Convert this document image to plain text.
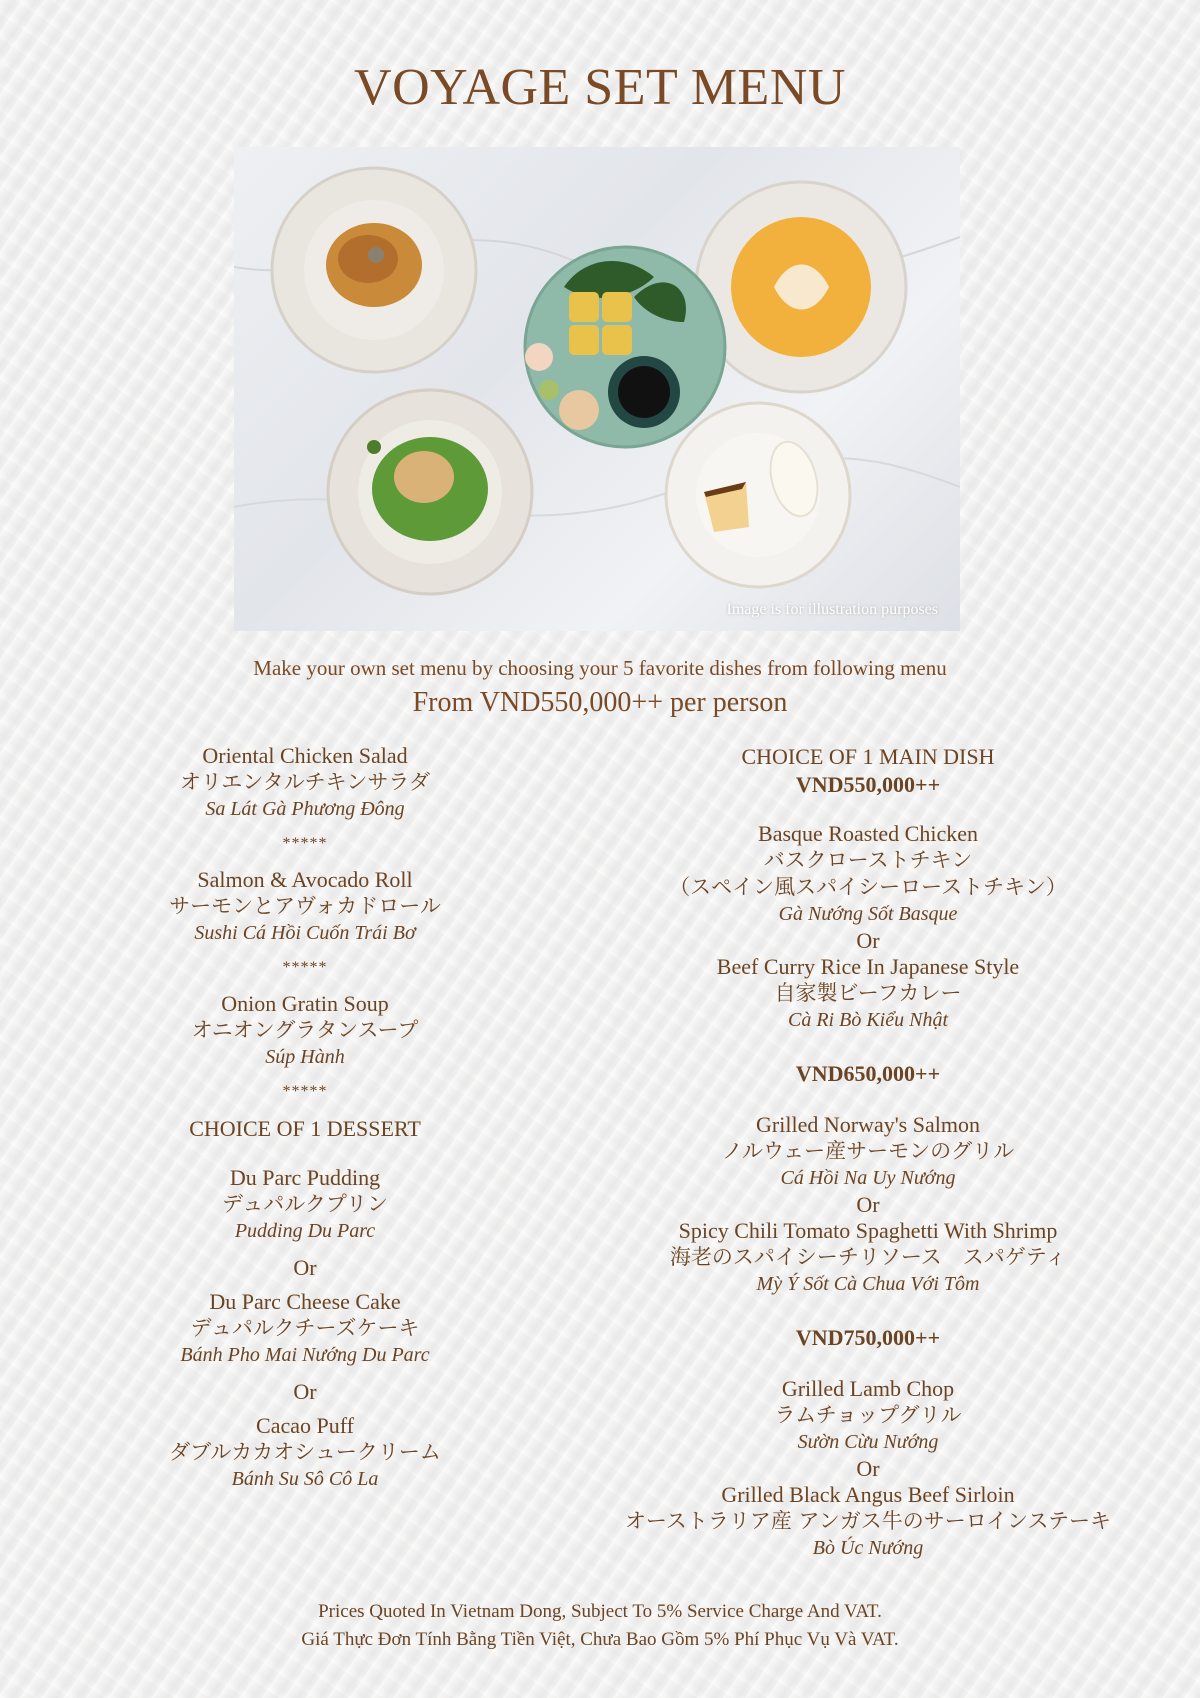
VOYAGE SET MENU
Image is for illustration purposes
Make your own set menu by choosing your 5 favorite dishes from following menu
From VND550,000++ per person
Oriental Chicken Salad
オリエンタルチキンサラダ
Sa Lát Gà Phương Đông
*****
Salmon & Avocado Roll
サーモンとアヴォカドロール
Sushi Cá Hồi Cuốn Trái Bơ
*****
Onion Gratin Soup
オニオングラタンスープ
Súp Hành
*****
CHOICE OF 1 DESSERT
Du Parc Pudding
デュパルクプリン
Pudding Du Parc
Or
Du Parc Cheese Cake
デュパルクチーズケーキ
Bánh Pho Mai Nướng Du Parc
Or
Cacao Puff
ダブルカカオシュークリーム
Bánh Su Sô Cô La
CHOICE OF 1 MAIN DISH
VND550,000++
Basque Roasted Chicken
バスクローストチキン
（スペイン風スパイシーローストチキン）
Gà Nướng Sốt Basque
Or
Beef Curry Rice In Japanese Style
自家製ビーフカレー
Cà Ri Bò Kiểu Nhật
VND650,000++
Grilled Norway's Salmon
ノルウェー産サーモンのグリル
Cá Hồi Na Uy Nướng
Or
Spicy Chili Tomato Spaghetti With Shrimp
海老のスパイシーチリソース　スパゲティ
Mỳ Ý Sốt Cà Chua Với Tôm
VND750,000++
Grilled Lamb Chop
ラムチョップグリル
Sườn Cừu Nướng
Or
Grilled Black Angus Beef Sirloin
オーストラリア産 アンガス牛のサーロインステーキ
Bò Úc Nướng
Prices Quoted In Vietnam Dong, Subject To 5% Service Charge And VAT.
Giá Thực Đơn Tính Bằng Tiền Việt, Chưa Bao Gồm 5% Phí Phục Vụ Và VAT.
